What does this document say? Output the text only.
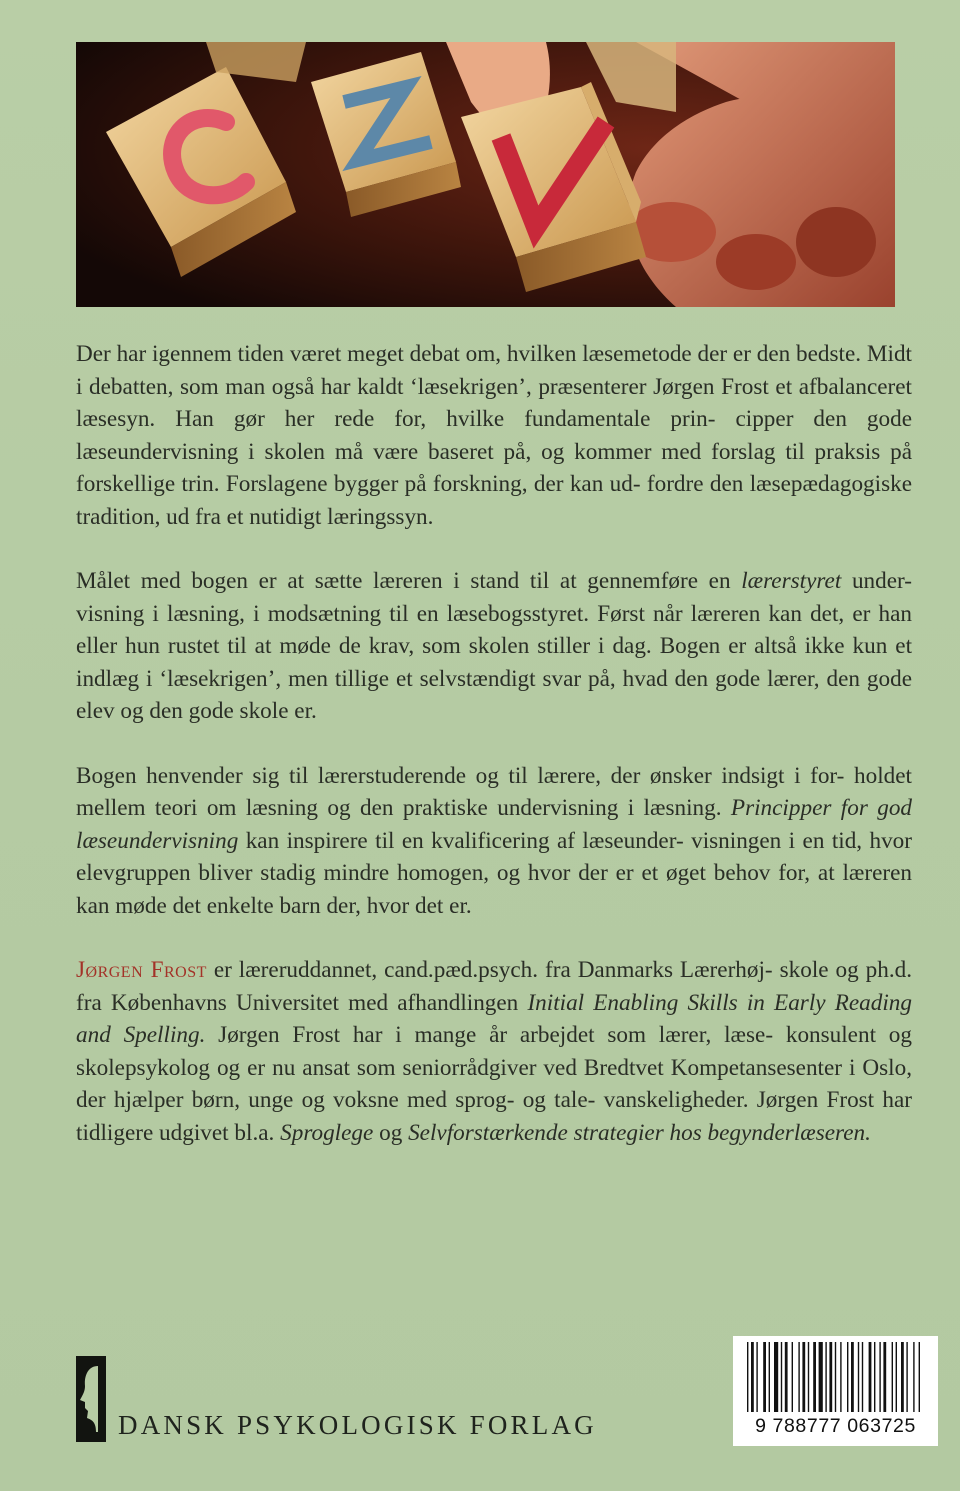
Der har igennem tiden været meget debat om, hvilken læsemetode der er den bedste. Midt i debatten, som man også har kaldt ‘læsekrigen’, præsenterer Jørgen Frost et afbalanceret læsesyn. Han gør her rede for, hvilke fundamentale prin- cipper den gode læseundervisning i skolen må være baseret på, og kommer med forslag til praksis på forskellige trin. Forslagene bygger på forskning, der kan ud- fordre den læsepædagogiske tradition, ud fra et nutidigt læringssyn.

Målet med bogen er at sætte læreren i stand til at gennemføre en lærerstyret under- visning i læsning, i modsætning til en læsebogsstyret. Først når læreren kan det, er han eller hun rustet til at møde de krav, som skolen stiller i dag. Bogen er altså ikke kun et indlæg i ‘læsekrigen’, men tillige et selvstændigt svar på, hvad den gode lærer, den gode elev og den gode skole er.

Bogen henvender sig til lærerstuderende og til lærere, der ønsker indsigt i for- holdet mellem teori om læsning og den praktiske undervisning i læsning. Principper for god læseundervisning kan inspirere til en kvalificering af læseunder- visningen i en tid, hvor elevgruppen bliver stadig mindre homogen, og hvor der er et øget behov for, at læreren kan møde det enkelte barn der, hvor det er.

Jørgen Frost er læreruddannet, cand.pæd.psych. fra Danmarks Lærerhøj- skole og ph.d. fra Københavns Universitet med afhandlingen Initial Enabling Skills in Early Reading and Spelling. Jørgen Frost har i mange år arbejdet som lærer, læse- konsulent og skolepsykolog og er nu ansat som seniorrådgiver ved Bredtvet Kompetansesenter i Oslo, der hjælper børn, unge og voksne med sprog- og tale- vanskeligheder. Jørgen Frost har tidligere udgivet bl.a. Sproglege og Selvforstærkende strategier hos begynderlæseren.

DANSK PSYKOLOGISK FORLAG	9 788777 063725
